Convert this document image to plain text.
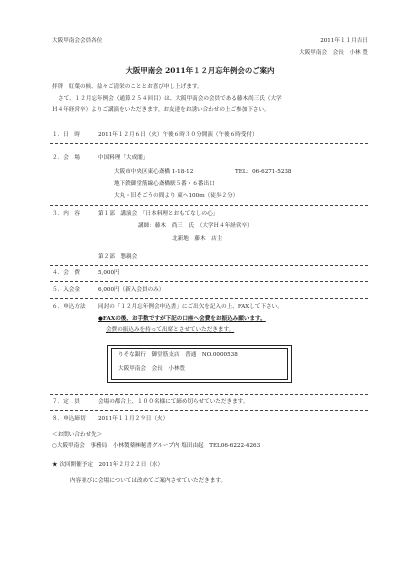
大阪甲南会会員各位	2011年１１月吉日
大阪甲南会　会長　小林 豊
大阪甲南会 2011年１２月忘年例会のご案内
拝啓　紅葉の候、益々ご清栄のこととお喜び申し上げます。
さて、１２月忘年例会（通算２５４回目）は、大阪甲南会の会員である藤木尚三氏（大学
Ｈ４年経営卒）よりご講演をいただきます。お友達をお誘い合わせの上ご参加下さい。
１．日　時	2011年１２月６日（火）午後６時３０分開演（午後６時受付）
２．会　場	中国料理「大成閣」
大阪市中央区東心斎橋 1-18-12	TEL：06-6271-5238
地下鉄御堂筋線心斎橋駅５番・６番出口
大丸・旧そごうの間より 東へ100ｍ（徒歩２分）
３．内　容	第１部　講演会　「日本料理とおもてなしの心」
講師：藤木　尚三　氏　（大学Ｈ４年経営卒）
北新地　藤木　店主
第２部　懇親会
４．会　費	5,000円
５．入会金	6,000円（新入会員のみ）
６．申込方法 同封の「１２月忘年例会申込書」にご出欠を記入の上、FAXして下さい。
●FAXの後、お手数ですが下記の口座へ会費をお振込み願います。
会費の振込みを持って出席とさせていただきます。
りそな銀行　御堂筋支店　普通　NO.0000538
大阪甲南会　会長　小林豊
７．定　員	会場の都合上、１００名様にて締め切らせていただきます。
８．申込締切 2011年１１月２９日（火）
＜お問い合わせ先＞
○大阪甲南会　事務局　小林製薬㈱秘書グループ内 塩田由起　TEL06-6222-4263
★ 次回開催予定　2011年２月２２日（水）
内容並びに会場については改めてご案内させていただきます。
